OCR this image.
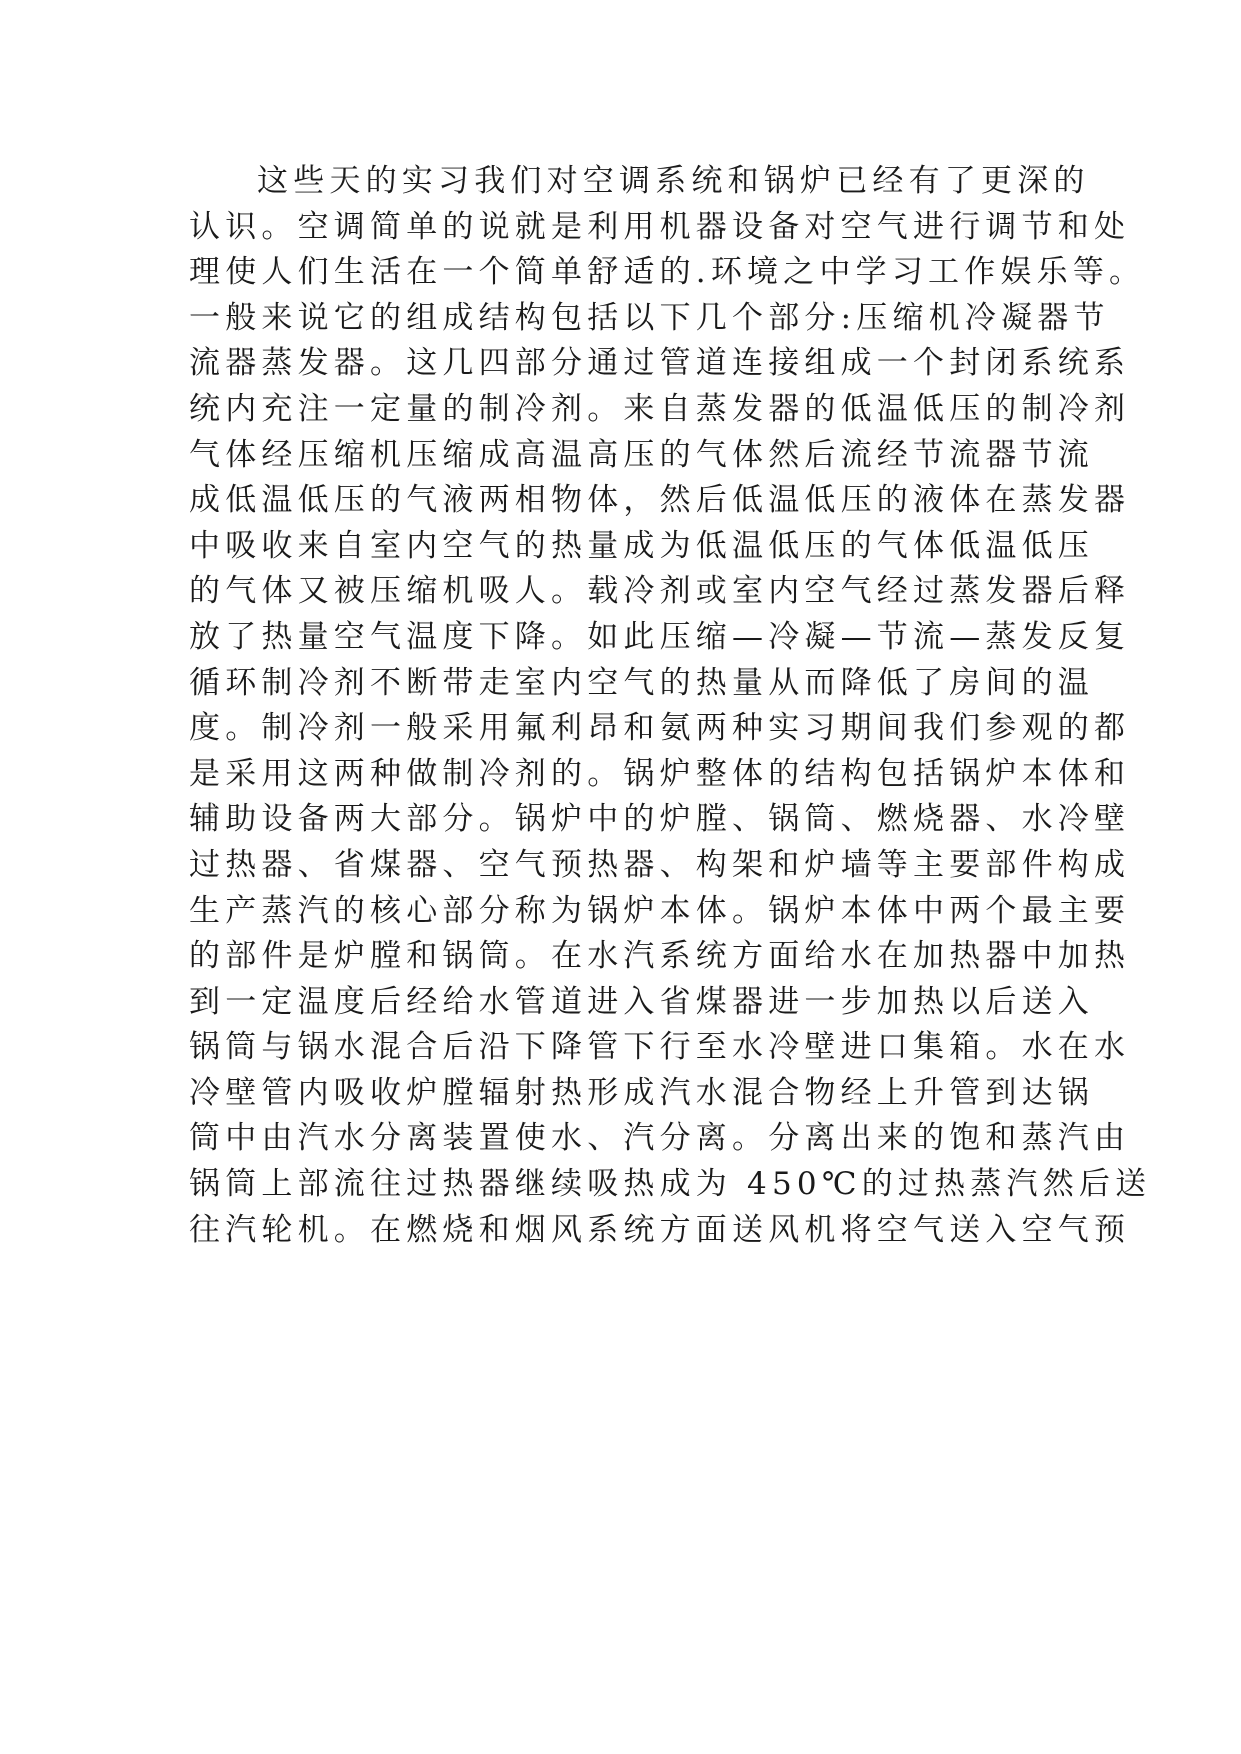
这些天的实习我们对空调系统和锅炉已经有了更深的
认识。空调简单的说就是利用机器设备对空气进行调节和处
理使人们生活在一个简单舒适的.环境之中学习工作娱乐等。
一般来说它的组成结构包括以下几个部分:压缩机冷凝器节
流器蒸发器。这几四部分通过管道连接组成一个封闭系统系
统内充注一定量的制冷剂。来自蒸发器的低温低压的制冷剂
气体经压缩机压缩成高温高压的气体然后流经节流器节流
成低温低压的气液两相物体，然后低温低压的液体在蒸发器
中吸收来自室内空气的热量成为低温低压的气体低温低压
的气体又被压缩机吸人。载冷剂或室内空气经过蒸发器后释
放了热量空气温度下降。如此压缩—冷凝—节流—蒸发反复
循环制冷剂不断带走室内空气的热量从而降低了房间的温
度。制冷剂一般采用氟利昂和氨两种实习期间我们参观的都
是采用这两种做制冷剂的。锅炉整体的结构包括锅炉本体和
辅助设备两大部分。锅炉中的炉膛、锅筒、燃烧器、水冷壁
过热器、省煤器、空气预热器、构架和炉墙等主要部件构成
生产蒸汽的核心部分称为锅炉本体。锅炉本体中两个最主要
的部件是炉膛和锅筒。在水汽系统方面给水在加热器中加热
到一定温度后经给水管道进入省煤器进一步加热以后送入
锅筒与锅水混合后沿下降管下行至水冷壁进口集箱。水在水
冷壁管内吸收炉膛辐射热形成汽水混合物经上升管到达锅
筒中由汽水分离装置使水、汽分离。分离出来的饱和蒸汽由
锅筒上部流往过热器继续吸热成为 450℃的过热蒸汽然后送
往汽轮机。在燃烧和烟风系统方面送风机将空气送入空气预
